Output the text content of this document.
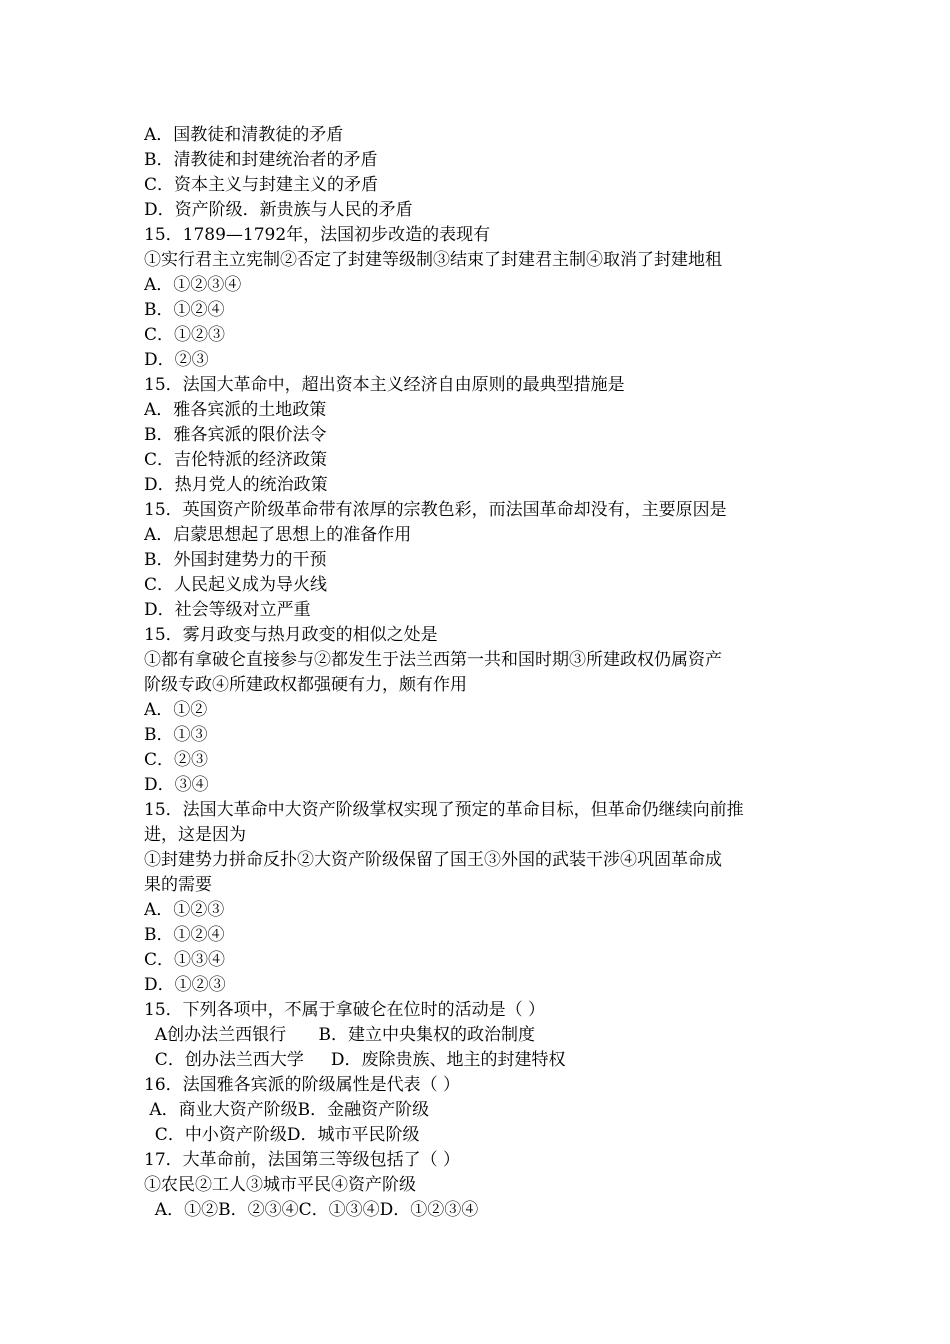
A．国教徒和清教徒的矛盾
B．清教徒和封建统治者的矛盾
C．资本主义与封建主义的矛盾
D．资产阶级．新贵族与人民的矛盾
15．1789—1792年，法国初步改造的表现有
①实行君主立宪制②否定了封建等级制③结束了封建君主制④取消了封建地租
A．①②③④
B．①②④
C．①②③
D．②③
15．法国大革命中，超出资本主义经济自由原则的最典型措施是
A．雅各宾派的土地政策
B．雅各宾派的限价法令
C．吉伦特派的经济政策
D．热月党人的统治政策
15．英国资产阶级革命带有浓厚的宗教色彩，而法国革命却没有，主要原因是
A．启蒙思想起了思想上的准备作用
B．外国封建势力的干预
C．人民起义成为导火线
D．社会等级对立严重
15．雾月政变与热月政变的相似之处是
①都有拿破仑直接参与②都发生于法兰西第一共和国时期③所建政权仍属资产
阶级专政④所建政权都强硬有力，颇有作用
A．①②
B．①③
C．②③
D．③④
15．法国大革命中大资产阶级掌权实现了预定的革命目标，但革命仍继续向前推
进，这是因为
①封建势力拼命反扑②大资产阶级保留了国王③外国的武装干涉④巩固革命成
果的需要
A．①②③
B．①②④
C．①③④
D．①②③
15．下列各项中，不属于拿破仑在位时的活动是（ ）
A创办法兰西银行      B．建立中央集权的政治制度
C．创办法兰西大学     D．废除贵族、地主的封建特权
16．法国雅各宾派的阶级属性是代表（ ）
A．商业大资产阶级B．金融资产阶级
C．中小资产阶级D．城市平民阶级
17．大革命前，法国第三等级包括了（ ）
①农民②工人③城市平民④资产阶级
A．①②B．②③④C．①③④D．①②③④
